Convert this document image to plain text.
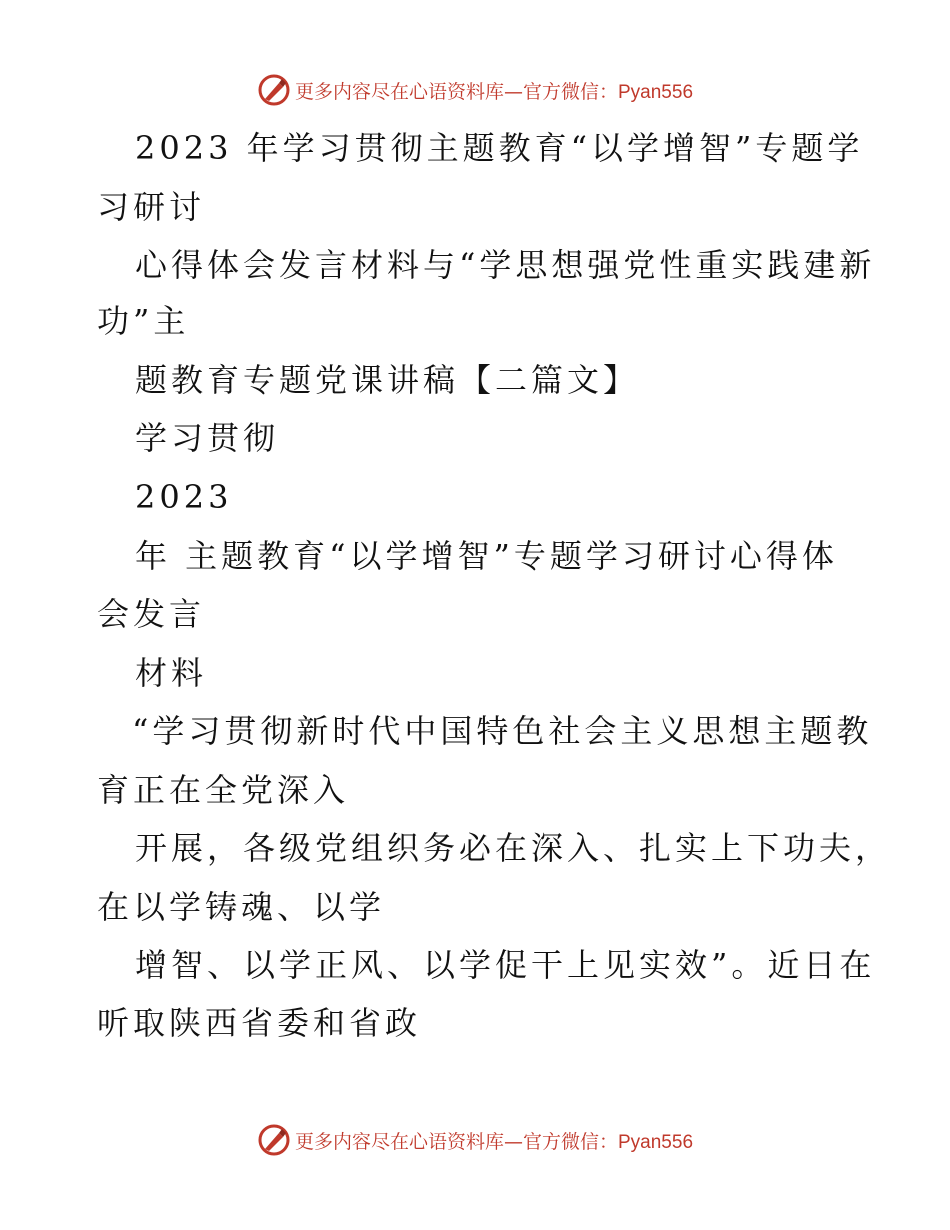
更多内容尽在心语资料库—官方微信：Pyan556
2023 年学习贯彻主题教育“以学增智”专题学
习研讨
心得体会发言材料与“学思想强党性重实践建新
功”主
题教育专题党课讲稿【二篇文】
学习贯彻
2023
年 主题教育“以学增智”专题学习研讨心得体
会发言
材料
“学习贯彻新时代中国特色社会主义思想主题教
育正在全党深入
开展，各级党组织务必在深入、扎实上下功夫，
在以学铸魂、以学
增智、以学正风、以学促干上见实效”。近日在
听取陕西省委和省政
更多内容尽在心语资料库—官方微信：Pyan556
